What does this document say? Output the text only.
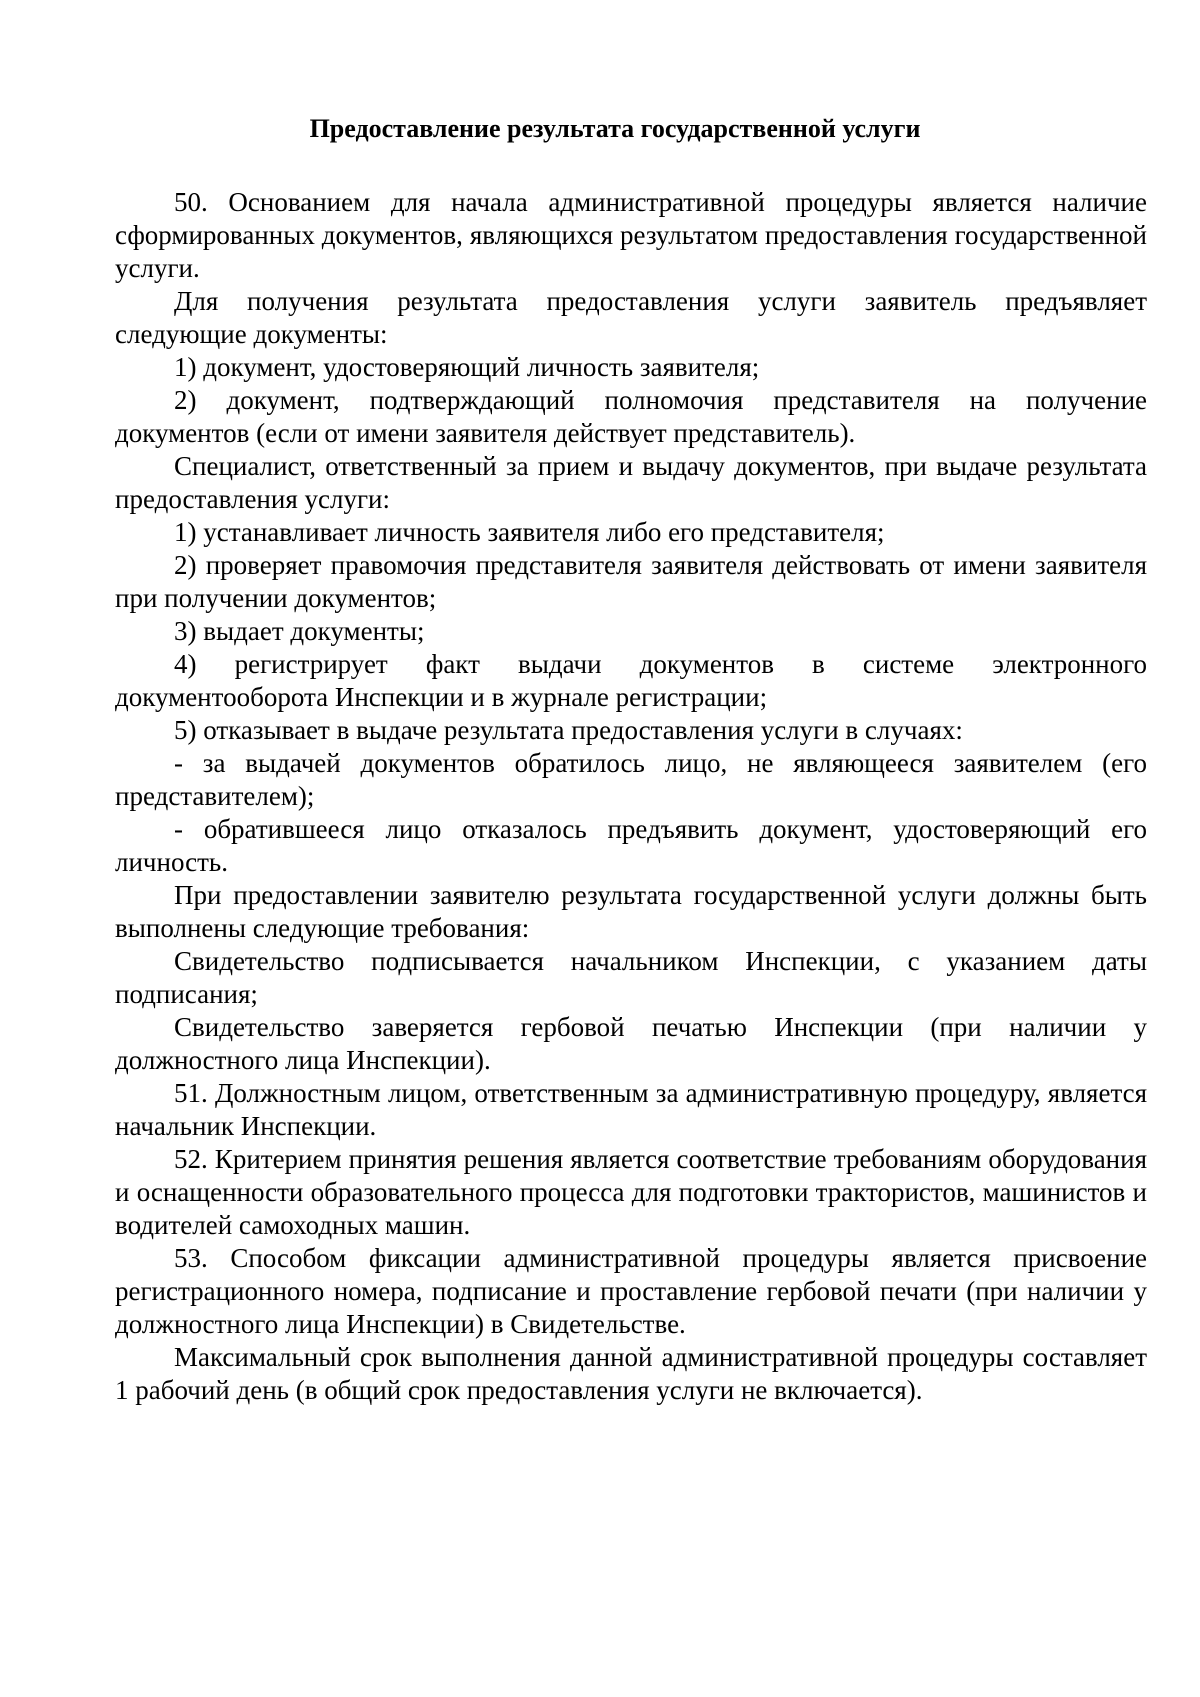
Предоставление результата государственной услуги

50. Основанием для начала административной процедуры является наличие сформированных документов, являющихся результатом предоставления государственной услуги.

Для получения результата предоставления услуги заявитель предъявляет следующие документы:

1) документ, удостоверяющий личность заявителя;

2) документ, подтверждающий полномочия представителя на получение документов (если от имени заявителя действует представитель).

Специалист, ответственный за прием и выдачу документов, при выдаче результата предоставления услуги:

1) устанавливает личность заявителя либо его представителя;

2) проверяет правомочия представителя заявителя действовать от имени заявителя при получении документов;

3) выдает документы;

4) регистрирует факт выдачи документов в системе электронного документооборота Инспекции и в журнале регистрации;

5) отказывает в выдаче результата предоставления услуги в случаях:

- за выдачей документов обратилось лицо, не являющееся заявителем (его представителем);

- обратившееся лицо отказалось предъявить документ, удостоверяющий его личность.

При предоставлении заявителю результата государственной услуги должны быть выполнены следующие требования:

Свидетельство подписывается начальником Инспекции, с указанием даты подписания;

Свидетельство заверяется гербовой печатью Инспекции (при наличии у должностного лица Инспекции).

51. Должностным лицом, ответственным за административную процедуру, является начальник Инспекции.

52. Критерием принятия решения является соответствие требованиям оборудования и оснащенности образовательного процесса для подготовки трактористов, машинистов и водителей самоходных машин.

53. Способом фиксации административной процедуры является присвоение регистрационного номера, подписание и проставление гербовой печати (при наличии у должностного лица Инспекции) в Свидетельстве.

Максимальный срок выполнения данной административной процедуры составляет 1 рабочий день (в общий срок предоставления услуги не включается).
